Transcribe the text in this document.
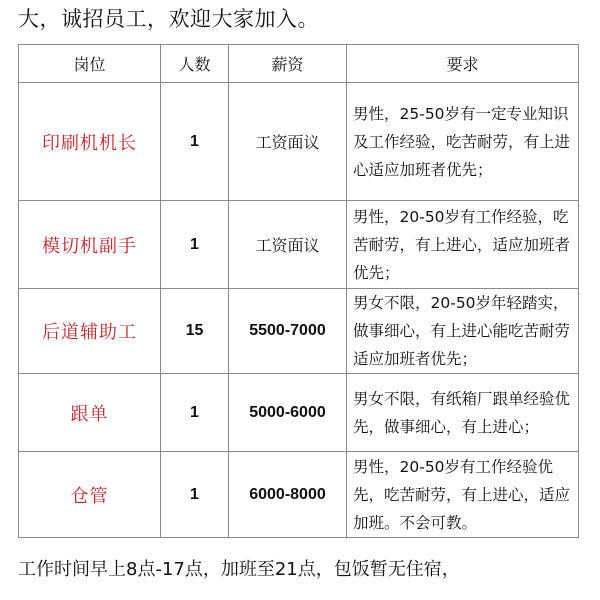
大，诚招员工，欢迎大家加入。
岗位	人数	薪资	要求
印刷机机长	1	工资面议	男性，25-50岁有一定专业知识及工作经验，吃苦耐劳，有上进心适应加班者优先；
模切机副手	1	工资面议	男性，20-50岁有工作经验，吃苦耐劳，有上进心，适应加班者优先；
后道辅助工	15	5500-7000	男女不限，20-50岁年轻踏实，做事细心，有上进心能吃苦耐劳适应加班者优先；
跟单	1	5000-6000	男女不限，有纸箱厂跟单经验优先，做事细心，有上进心；
仓管	1	6000-8000	男性，20-50岁有工作经验优先，吃苦耐劳，有上进心，适应加班。不会可教。
工作时间早上8点-17点，加班至21点，包饭暂无住宿，
